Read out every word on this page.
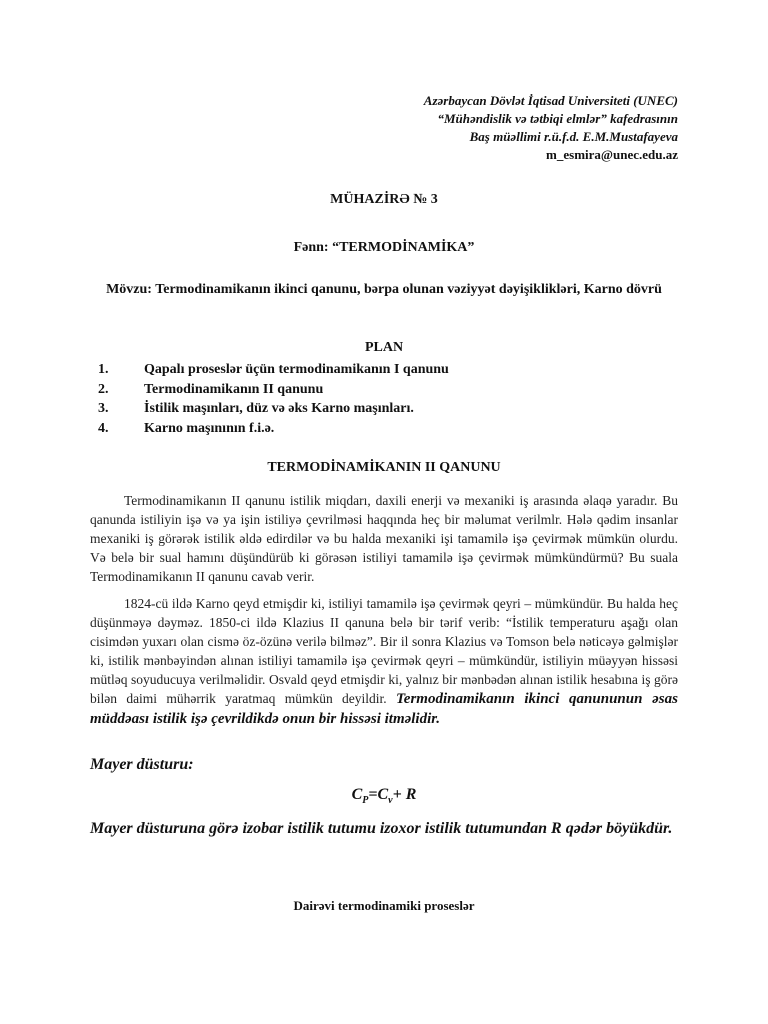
Azərbaycan Dövlət İqtisad Universiteti (UNEC)
“Mühəndislik və tətbiqi elmlər” kafedrasının
Baş müəllimi r.ü.f.d. E.M.Mustafayeva
m_esmira@unec.edu.az
MÜHAZİRƏ № 3
Fənn: “TERMODİNAMİKA”
Mövzu: Termodinamikanın ikinci qanunu, bərpa olunan vəziyyət dəyişiklikləri, Karno dövrü
PLAN
1.	Qapalı proseslər üçün termodinamikanın I qanunu
2.	Termodinamikanın II qanunu
3.	İstilik maşınları, düz və əks Karno maşınları.
4.	Karno maşınının f.i.ə.
TERMODİNAMİKANIN II QANUNU
Termodinamikanın II qanunu istilik miqdarı, daxili enerji və mexaniki iş arasında əlaqə yaradır. Bu qanunda istiliyin işə və ya işin istiliyə çevrilməsi haqqında heç bir məlumat verilmlr. Hələ qədim insanlar mexaniki iş görərək istilik əldə edirdilər və bu halda mexaniki işi tamamilə işə çevirmək mümkün olurdu. Və belə bir sual hamını düşündürüb ki görəsən istiliyi tamamilə işə çevirmək mümkündürmü? Bu suala Termodinamikanın II qanunu cavab verir.
1824-cü ildə Karno qeyd etmişdir ki, istiliyi tamamilə işə çevirmək qeyri – mümkündür. Bu halda heç düşünməyə dəyməz. 1850-ci ildə Klazius II qanuna belə bir tərif verib: “İstilik temperaturu aşağı olan cisimdən yuxarı olan cismə öz-özünə verilə bilməz”. Bir il sonra Klazius və Tomson belə nəticəyə gəlmişlər ki, istilik mənbəyindən alınan istiliyi tamamilə işə çevirmək qeyri – mümkündür, istiliyin müəyyən hissəsi mütləq soyuducuya verilməlidir. Osvald qeyd etmişdir ki, yalnız bir mənbədən alınan istilik hesabına iş görə bilən daimi mühərrik yaratmaq mümkün deyildir. Termodinamikanın ikinci qanununun əsas müddəası istilik işə çevrildikdə onun bir hissəsi itməlidir.
Mayer düsturu:
$C_P=C_v+ R$
Mayer düsturuna görə izobar istilik tutumu izoxor istilik tutumundan R qədər böyükdür.
Dairəvi termodinamiki proseslər
